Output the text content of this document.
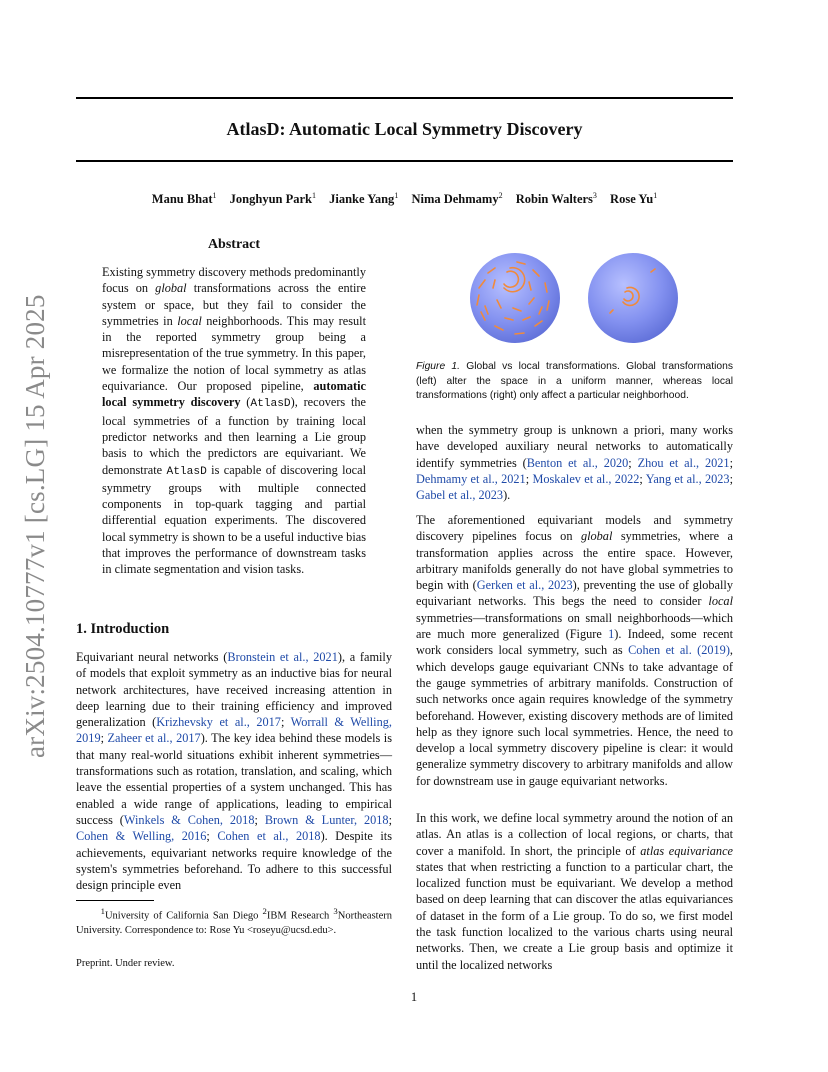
arXiv:2504.10777v1 [cs.LG] 15 Apr 2025
AtlasD: Automatic Local Symmetry Discovery
Manu Bhat$^1$ Jonghyun Park$^1$ Jianke Yang$^1$ Nima Dehmamy$^2$ Robin Walters$^3$ Rose Yu$^1$
Abstract
Existing symmetry discovery methods predominantly focus on global transformations across the entire system or space, but they fail to consider the symmetries in local neighborhoods. This may result in the reported symmetry group being a misrepresentation of the true symmetry. In this paper, we formalize the notion of local symmetry as atlas equivariance. Our proposed pipeline, automatic local symmetry discovery (AtlasD), recovers the local symmetries of a function by training local predictor networks and then learning a Lie group basis to which the predictors are equivariant. We demonstrate AtlasD is capable of discovering local symmetry groups with multiple connected components in top-quark tagging and partial differential equation experiments. The discovered local symmetry is shown to be a useful inductive bias that improves the performance of downstream tasks in climate segmentation and vision tasks.
1. Introduction
Equivariant neural networks (Bronstein et al., 2021), a family of models that exploit symmetry as an inductive bias for neural network architectures, have received increasing attention in deep learning due to their training efficiency and improved generalization (Krizhevsky et al., 2017; Worrall & Welling, 2019; Zaheer et al., 2017). The key idea behind these models is that many real-world situations exhibit inherent symmetries—transformations such as rotation, translation, and scaling, which leave the essential properties of a system unchanged. This has enabled a wide range of applications, leading to empirical success (Winkels & Cohen, 2018; Brown & Lunter, 2018; Cohen & Welling, 2016; Cohen et al., 2018). Despite its achievements, equivariant networks require knowledge of the system's symmetries beforehand. To adhere to this successful design principle even
$^1$University of California San Diego $^2$IBM Research $^3$Northeastern University. Correspondence to: Rose Yu <roseyu@ucsd.edu>.
Preprint. Under review.
1
Figure 1. Global vs local transformations. Global transformations (left) alter the space in a uniform manner, whereas local transformations (right) only affect a particular neighborhood.
when the symmetry group is unknown a priori, many works have developed auxiliary neural networks to automatically identify symmetries (Benton et al., 2020; Zhou et al., 2021; Dehmamy et al., 2021; Moskalev et al., 2022; Yang et al., 2023; Gabel et al., 2023).
The aforementioned equivariant models and symmetry discovery pipelines focus on global symmetries, where a transformation applies across the entire space. However, arbitrary manifolds generally do not have global symmetries to begin with (Gerken et al., 2023), preventing the use of globally equivariant networks. This begs the need to consider local symmetries—transformations on small neighborhoods—which are much more generalized (Figure 1). Indeed, some recent work considers local symmetry, such as Cohen et al. (2019), which develops gauge equivariant CNNs to take advantage of the gauge symmetries of arbitrary manifolds. Construction of such networks once again requires knowledge of the symmetry beforehand. However, existing discovery methods are of limited help as they ignore such local symmetries. Hence, the need to develop a local symmetry discovery pipeline is clear: it would generalize symmetry discovery to arbitrary manifolds and allow for downstream use in gauge equivariant networks.
In this work, we define local symmetry around the notion of an atlas. An atlas is a collection of local regions, or charts, that cover a manifold. In short, the principle of atlas equivariance states that when restricting a function to a particular chart, the localized function must be equivariant. We develop a method based on deep learning that can discover the atlas equivariances of dataset in the form of a Lie group. To do so, we first model the task function localized to the various charts using neural networks. Then, we create a Lie group basis and optimize it until the localized networks
